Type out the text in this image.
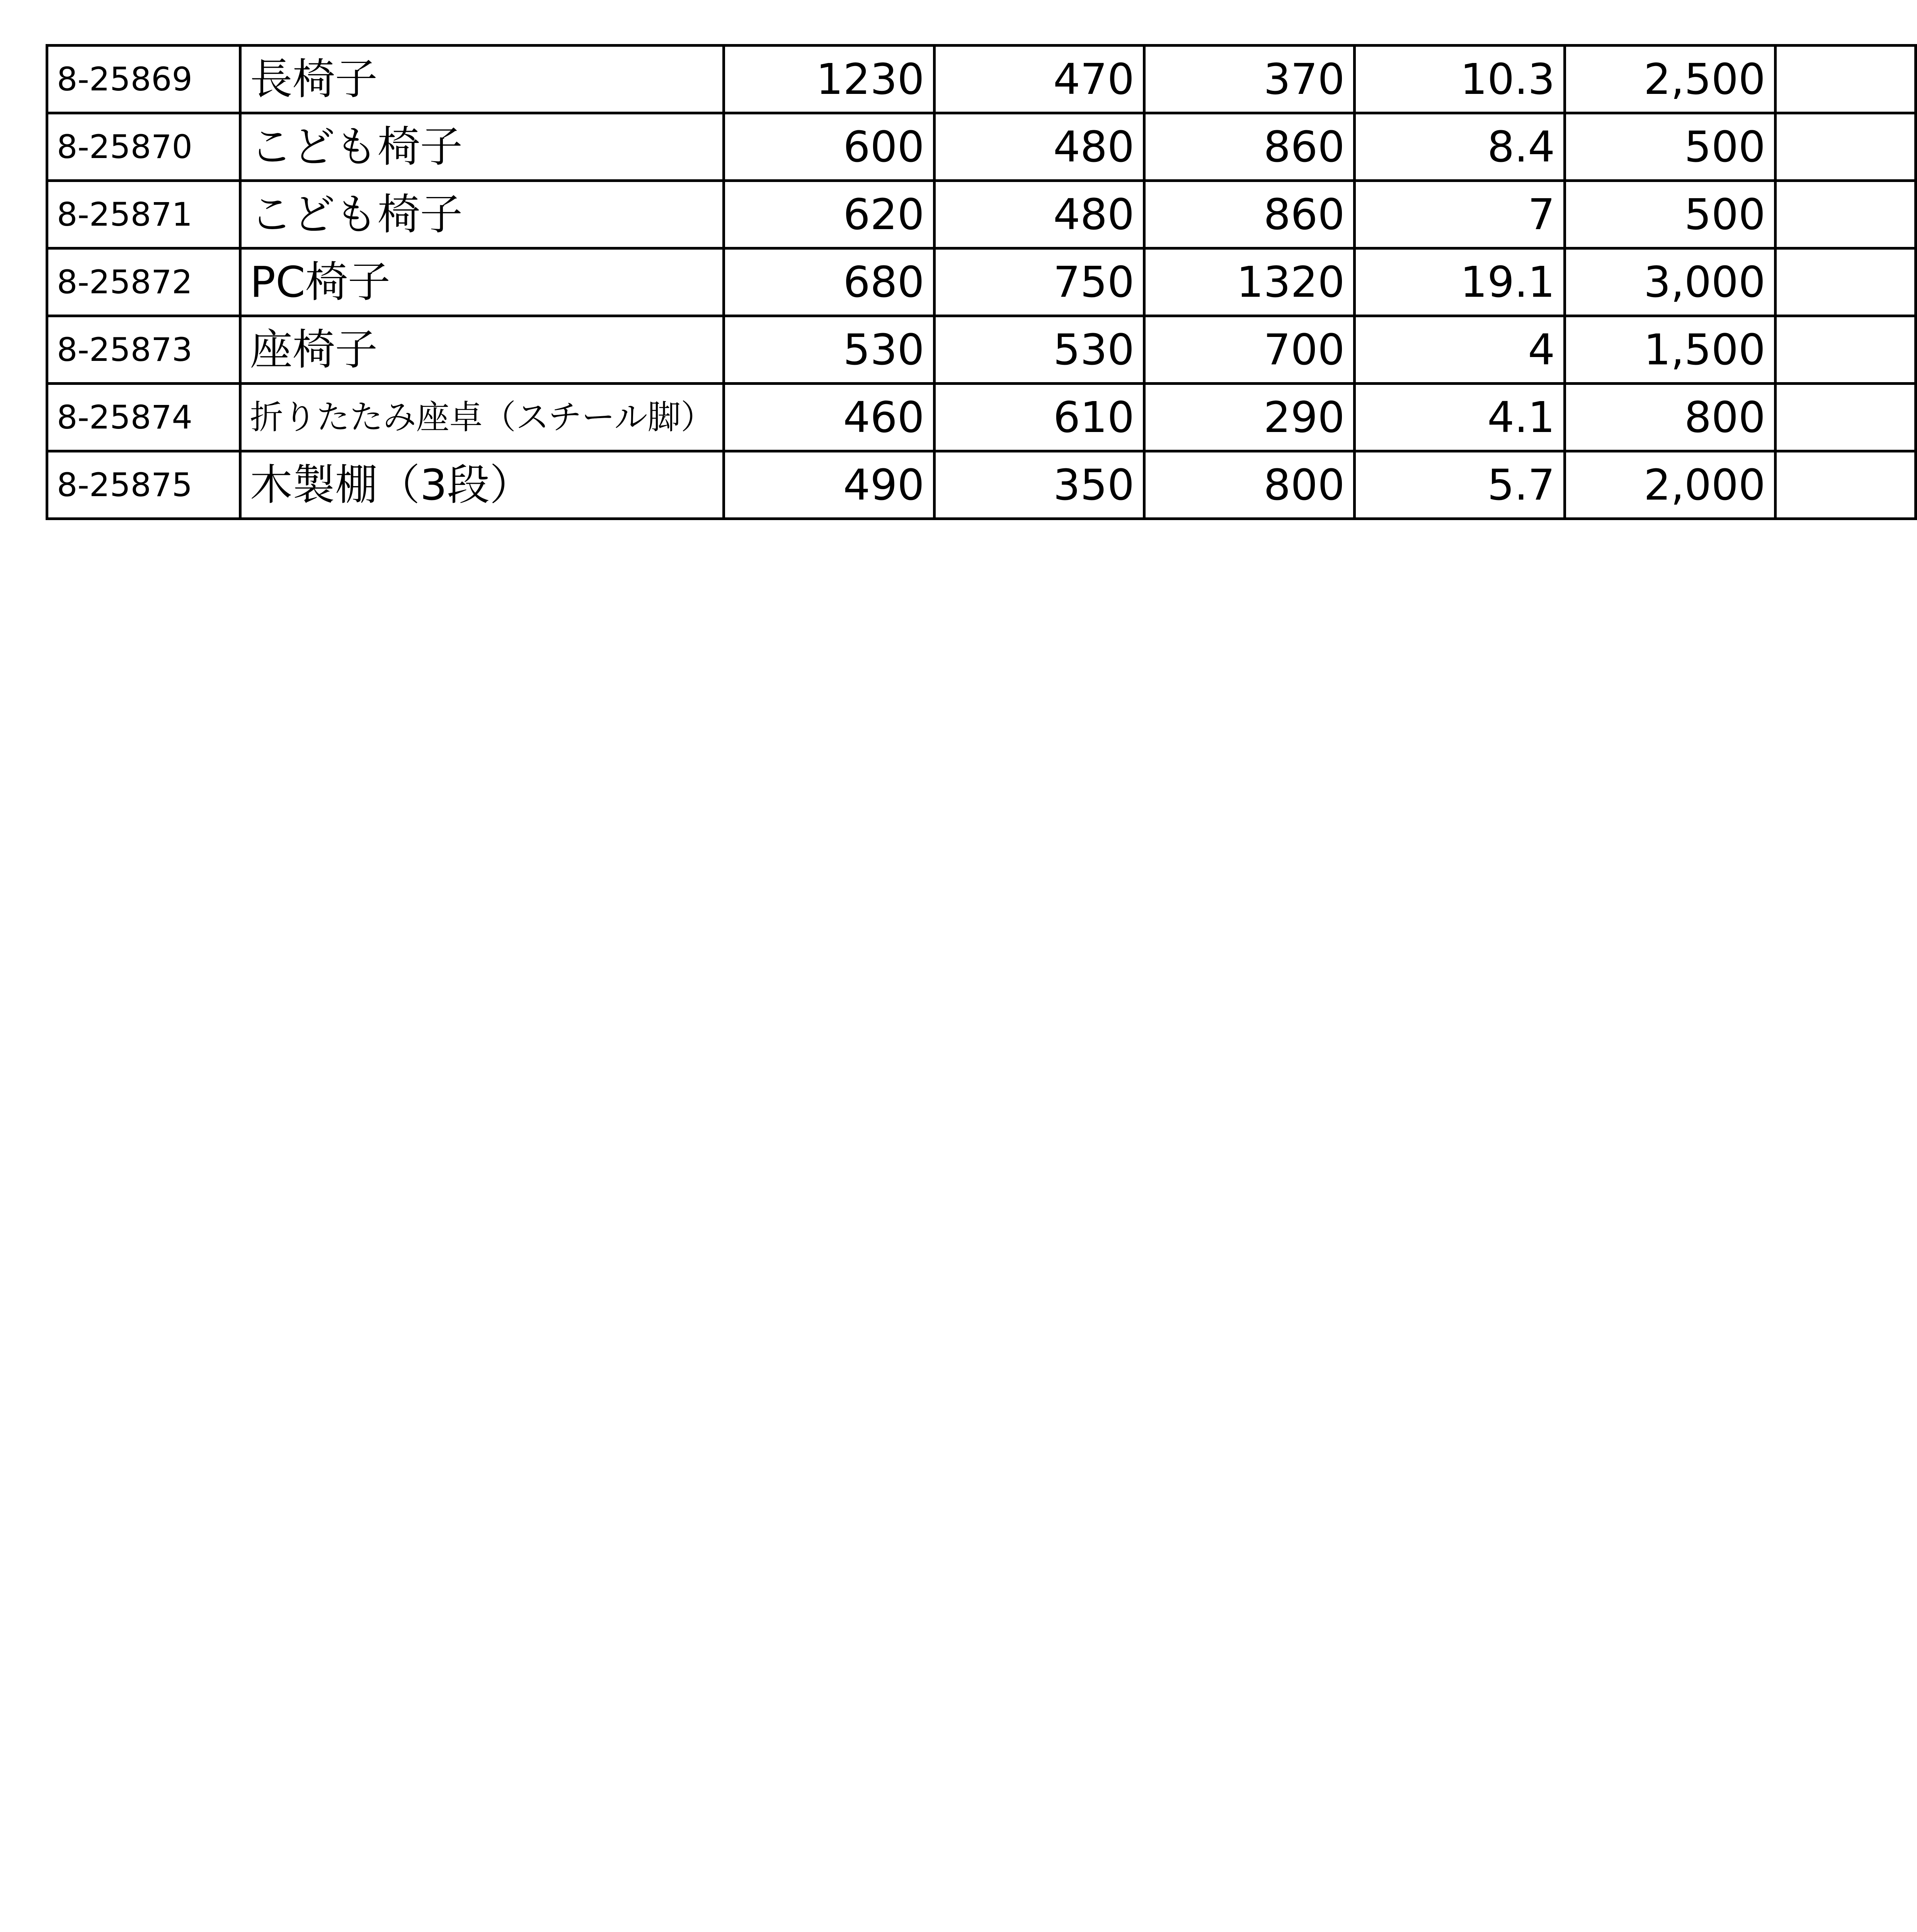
8-25869	長椅子	1230	470	370	10.3	2,500	
8-25870	こども椅子	600	480	860	8.4	500	
8-25871	こども椅子	620	480	860	7	500	
8-25872	PC椅子	680	750	1320	19.1	3,000	
8-25873	座椅子	530	530	700	4	1,500	
8-25874	折りたたみ座卓（スチール脚）	460	610	290	4.1	800	
8-25875	木製棚（3段）	490	350	800	5.7	2,000	
